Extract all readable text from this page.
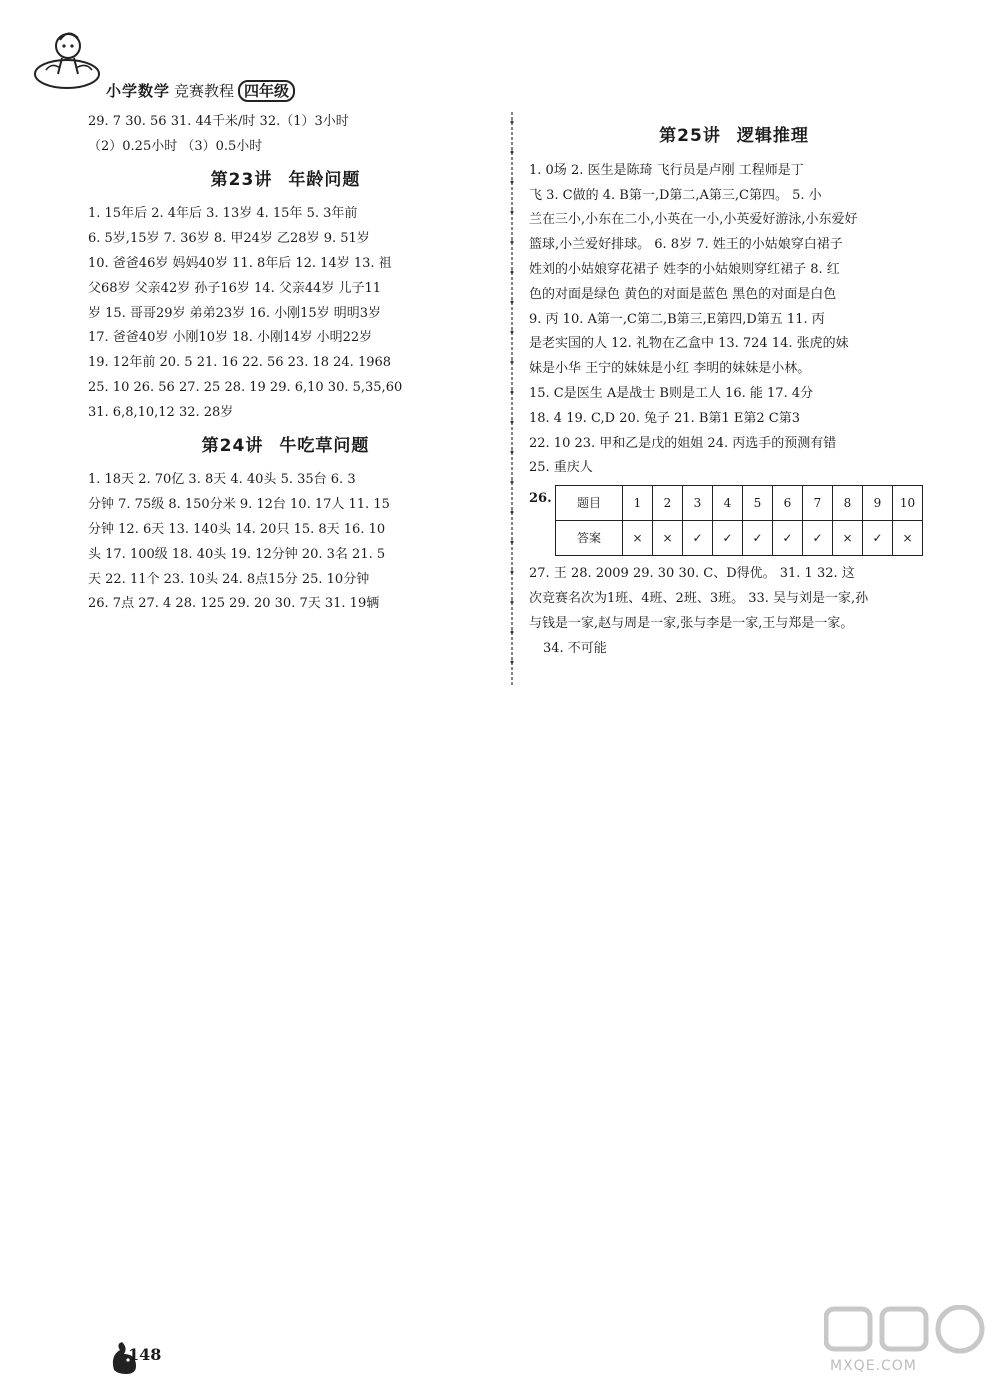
小学数学 竞赛教程 四年级
29. 7 30. 56 31. 44千米/时 32.（1）3小时
（2）0.25小时 （3）0.5小时
第23讲 年龄问题
1. 15年后 2. 4年后 3. 13岁 4. 15年 5. 3年前
6. 5岁,15岁 7. 36岁 8. 甲24岁 乙28岁 9. 51岁
10. 爸爸46岁 妈妈40岁 11. 8年后 12. 14岁 13. 祖
父68岁 父亲42岁 孙子16岁 14. 父亲44岁 儿子11
岁 15. 哥哥29岁 弟弟23岁 16. 小刚15岁 明明3岁
17. 爸爸40岁 小刚10岁 18. 小刚14岁 小明22岁
19. 12年前 20. 5 21. 16 22. 56 23. 18 24. 1968
25. 10 26. 56 27. 25 28. 19 29. 6,10 30. 5,35,60
31. 6,8,10,12 32. 28岁
第24讲 牛吃草问题
1. 18天 2. 70亿 3. 8天 4. 40头 5. 35台 6. 3
分钟 7. 75级 8. 150分米 9. 12台 10. 17人 11. 15
分钟 12. 6天 13. 140头 14. 20只 15. 8天 16. 10
头 17. 100级 18. 40头 19. 12分钟 20. 3名 21. 5
天 22. 11个 23. 10头 24. 8点15分 25. 10分钟
26. 7点 27. 4 28. 125 29. 20 30. 7天 31. 19辆
第25讲 逻辑推理
1. 0场 2. 医生是陈琦 飞行员是卢刚 工程师是丁
飞 3. C做的 4. B第一,D第二,A第三,C第四。 5. 小
兰在三小,小东在二小,小英在一小,小英爱好游泳,小东爱好
篮球,小兰爱好排球。 6. 8岁 7. 姓王的小姑娘穿白裙子
姓刘的小姑娘穿花裙子 姓李的小姑娘则穿红裙子 8. 红
色的对面是绿色 黄色的对面是蓝色 黑色的对面是白色
9. 丙 10. A第一,C第二,B第三,E第四,D第五 11. 丙
是老实国的人 12. 礼物在乙盒中 13. 724 14. 张虎的妹
妹是小华 王宁的妹妹是小红 李明的妹妹是小林。
15. C是医生 A是战士 B则是工人 16. 能 17. 4分
18. 4 19. C,D 20. 兔子 21. B第1 E第2 C第3
22. 10 23. 甲和乙是戊的姐姐 24. 丙选手的预测有错
25. 重庆人
26. 题目	1	2	3	4	5	6	7	8	9	10
答案	×	×	✓	✓	✓	✓	✓	×	✓	×
27. 王 28. 2009 29. 30 30. C、D得优。 31. 1 32. 这
次竞赛名次为1班、4班、2班、3班。 33. 吴与刘是一家,孙
与钱是一家,赵与周是一家,张与李是一家,王与郑是一家。
34. 不可能
148
MXQE.COM
